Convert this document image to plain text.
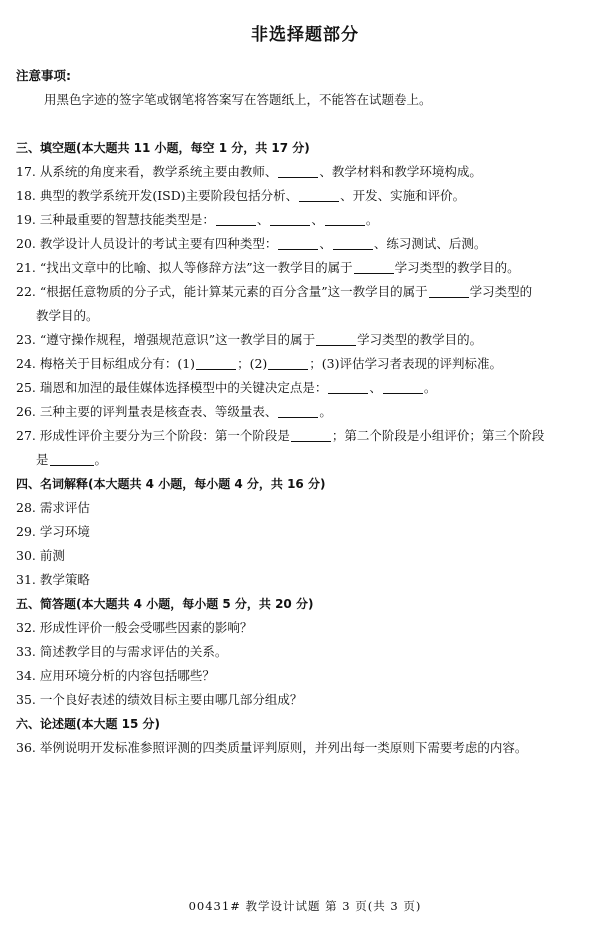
非选择题部分
注意事项:
用黑色字迹的签字笔或钢笔将答案写在答题纸上，不能答在试题卷上。
三、填空题(本大题共 11 小题，每空 1 分，共 17 分)
17. 从系统的角度来看，教学系统主要由教师、	、教学材料和教学环境构成。
18. 典型的教学系统开发(ISD)主要阶段包括分析、	、开发、实施和评价。
19. 三种最重要的智慧技能类型是：	、	、	。
20. 教学设计人员设计的考试主要有四种类型：	、	、练习测试、后测。
21. “找出文章中的比喻、拟人等修辞方法”这一教学目的属于	学习类型的教学目的。
22. “根据任意物质的分子式，能计算某元素的百分含量”这一教学目的属于	学习类型的
教学目的。
23. “遵守操作规程，增强规范意识”这一教学目的属于	学习类型的教学目的。
24. 梅格关于目标组成分有：(1)	；(2)	；(3)评估学习者表现的评判标准。
25. 瑞恩和加涅的最佳媒体选择模型中的关键决定点是：	、	。
26. 三种主要的评判量表是核查表、等级量表、	。
27. 形成性评价主要分为三个阶段：第一个阶段是	；第二个阶段是小组评价；第三个阶段
是	。
四、名词解释(本大题共 4 小题，每小题 4 分，共 16 分)
28. 需求评估
29. 学习环境
30. 前测
31. 教学策略
五、简答题(本大题共 4 小题，每小题 5 分，共 20 分)
32. 形成性评价一般会受哪些因素的影响？
33. 简述教学目的与需求评估的关系。
34. 应用环境分析的内容包括哪些？
35. 一个良好表述的绩效目标主要由哪几部分组成？
六、论述题(本大题 15 分)
36. 举例说明开发标准参照评测的四类质量评判原则，并列出每一类原则下需要考虑的内容。
00431# 教学设计试题 第 3 页(共 3 页)
